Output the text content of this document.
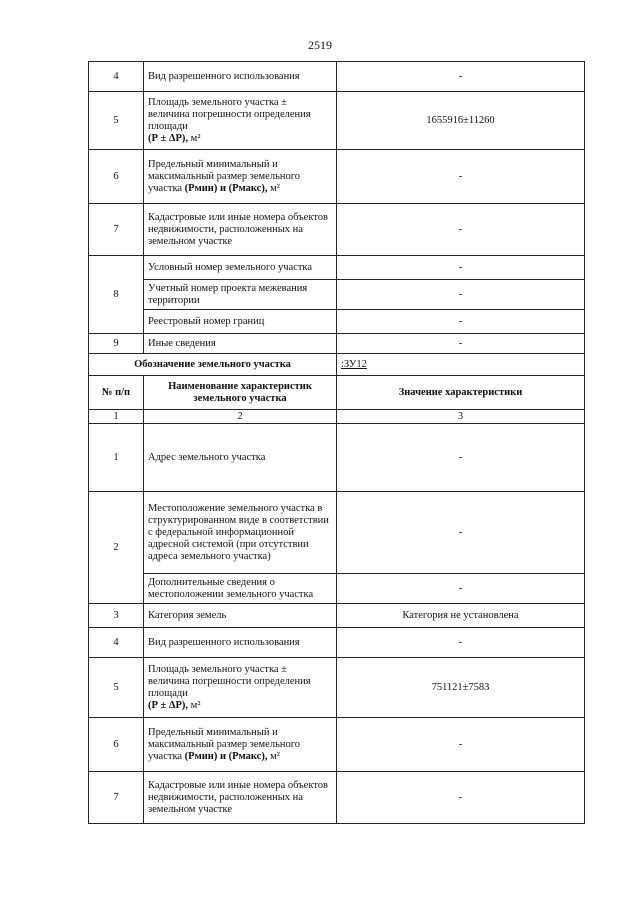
2519
4	Вид разрешенного использования	-
5	Площадь земельного участка ±
величина погрешности определения
площади
(Р ± ΔР), м²	1655916±11260
6	Предельный минимальный и
максимальный размер земельного
участка (Рмин) и (Рмакс), м²	-
7	Кадастровые или иные номера объектов недвижимости, расположенных на земельном участке	-
8	Условный номер земельного участка	-
	Учетный номер проекта межевания территории	-
	Реестровый номер границ	-
9	Иные сведения	-
Обозначение земельного участка		:ЗУ12
№ п/п	Наименование характеристик земельного участка	Значение характеристики
1	2	3
1	Адрес земельного участка	-
2	Местоположение земельного участка в структурированном виде в соответствии с федеральной информационной адресной системой (при отсутствии адреса земельного участка)	-
	Дополнительные сведения о местоположении земельного участка	-
3	Категория земель	Категория не установлена
4	Вид разрешенного использования	-
5	Площадь земельного участка ±
величина погрешности определения
площади
(Р ± ΔР), м²	751121±7583
6	Предельный минимальный и
максимальный размер земельного
участка (Рмин) и (Рмакс), м²	-
7	Кадастровые или иные номера объектов недвижимости, расположенных на земельном участке	-
